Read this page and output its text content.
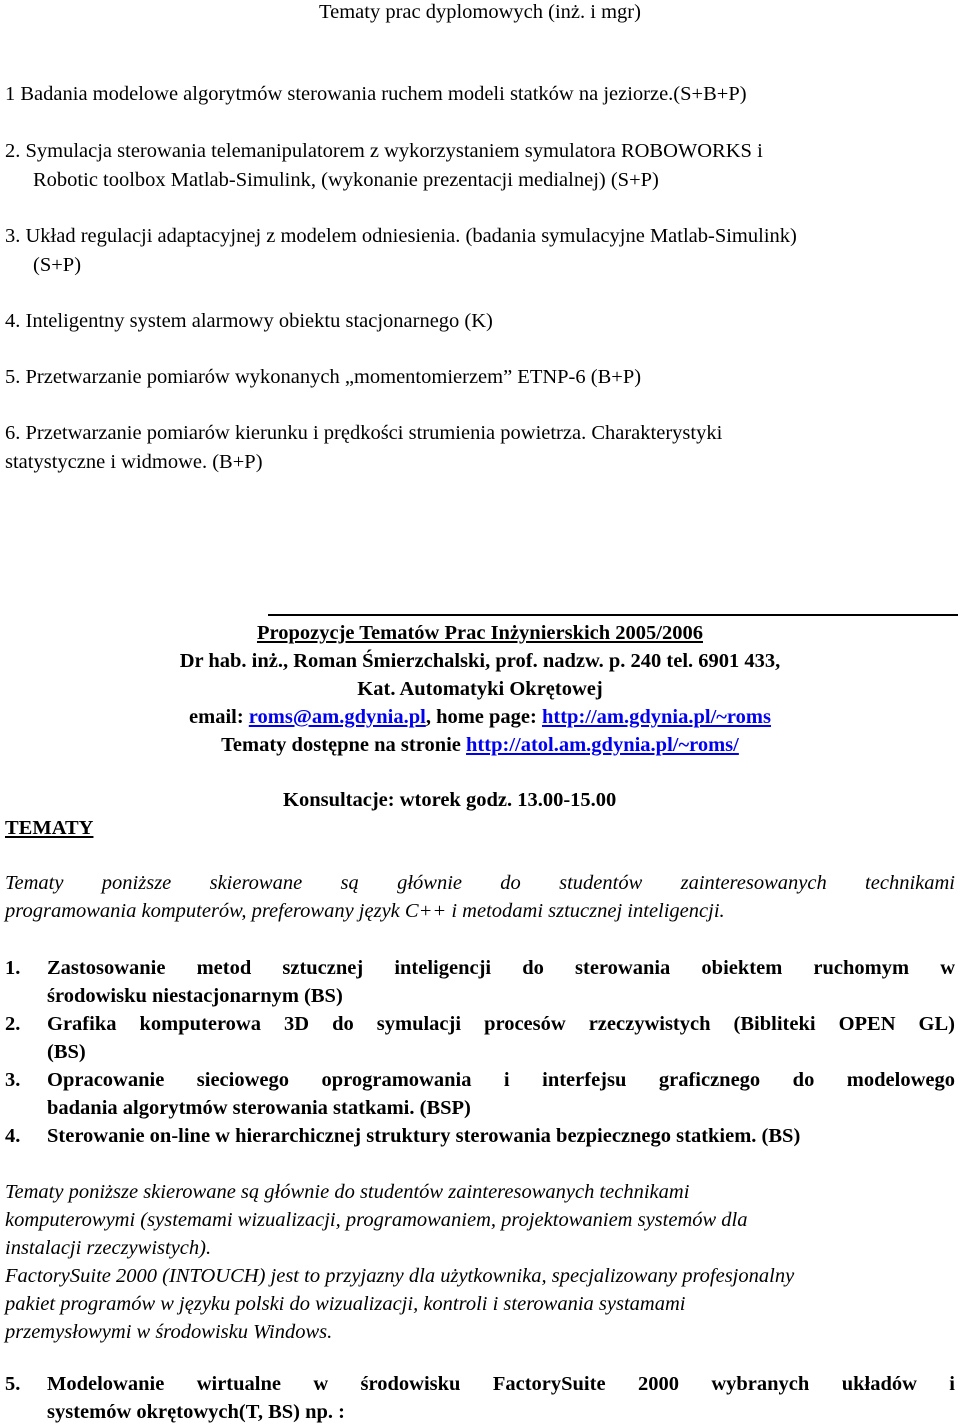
Tematy prac dyplomowych (inż. i mgr)
1 Badania modelowe algorytmów sterowania ruchem modeli statków na jeziorze.(S+B+P)
2. Symulacja sterowania telemanipulatorem z wykorzystaniem symulatora ROBOWORKS i
Robotic toolbox Matlab-Simulink, (wykonanie prezentacji medialnej) (S+P)
3. Układ regulacji adaptacyjnej z modelem odniesienia. (badania symulacyjne Matlab-Simulink)
(S+P)
4. Inteligentny system alarmowy obiektu stacjonarnego (K)
5. Przetwarzanie pomiarów wykonanych „momentomierzem” ETNP-6 (B+P)
6. Przetwarzanie pomiarów kierunku i prędkości strumienia powietrza. Charakterystyki
statystyczne i widmowe. (B+P)
Propozycje Tematów Prac Inżynierskich 2005/2006
Dr hab. inż., Roman Śmierzchalski, prof. nadzw. p. 240 tel. 6901 433,
Kat. Automatyki Okrętowej
email: roms@am.gdynia.pl, home page: http://am.gdynia.pl/~roms
Tematy dostępne na stronie http://atol.am.gdynia.pl/~roms/
Konsultacje: wtorek godz. 13.00-15.00
TEMATY
Tematy poniższe skierowane są głównie do studentów zainteresowanych technikami
programowania komputerów, preferowany język C++ i metodami sztucznej inteligencji.
1.	Zastosowanie metod sztucznej inteligencji do sterowania obiektem ruchomym w
środowisku niestacjonarnym (BS)
2.	Grafika komputerowa 3D do symulacji procesów rzeczywistych (Bibliteki OPEN GL)
(BS)
3.	Opracowanie sieciowego oprogramowania i interfejsu graficznego do modelowego
badania algorytmów sterowania statkami. (BSP)
4.	Sterowanie on-line w hierarchicznej struktury sterowania bezpiecznego statkiem. (BS)
Tematy poniższe skierowane są głównie do studentów zainteresowanych technikami
komputerowymi (systemami wizualizacji, programowaniem, projektowaniem systemów dla
instalacji rzeczywistych).
FactorySuite 2000 (INTOUCH) jest to przyjazny dla użytkownika, specjalizowany profesjonalny
pakiet programów w języku polski do wizualizacji, kontroli i sterowania systamami
przemysłowymi w środowisku Windows.
5.	Modelowanie wirtualne w środowisku FactorySuite 2000 wybranych układów i
systemów okrętowych(T, BS) np. :
